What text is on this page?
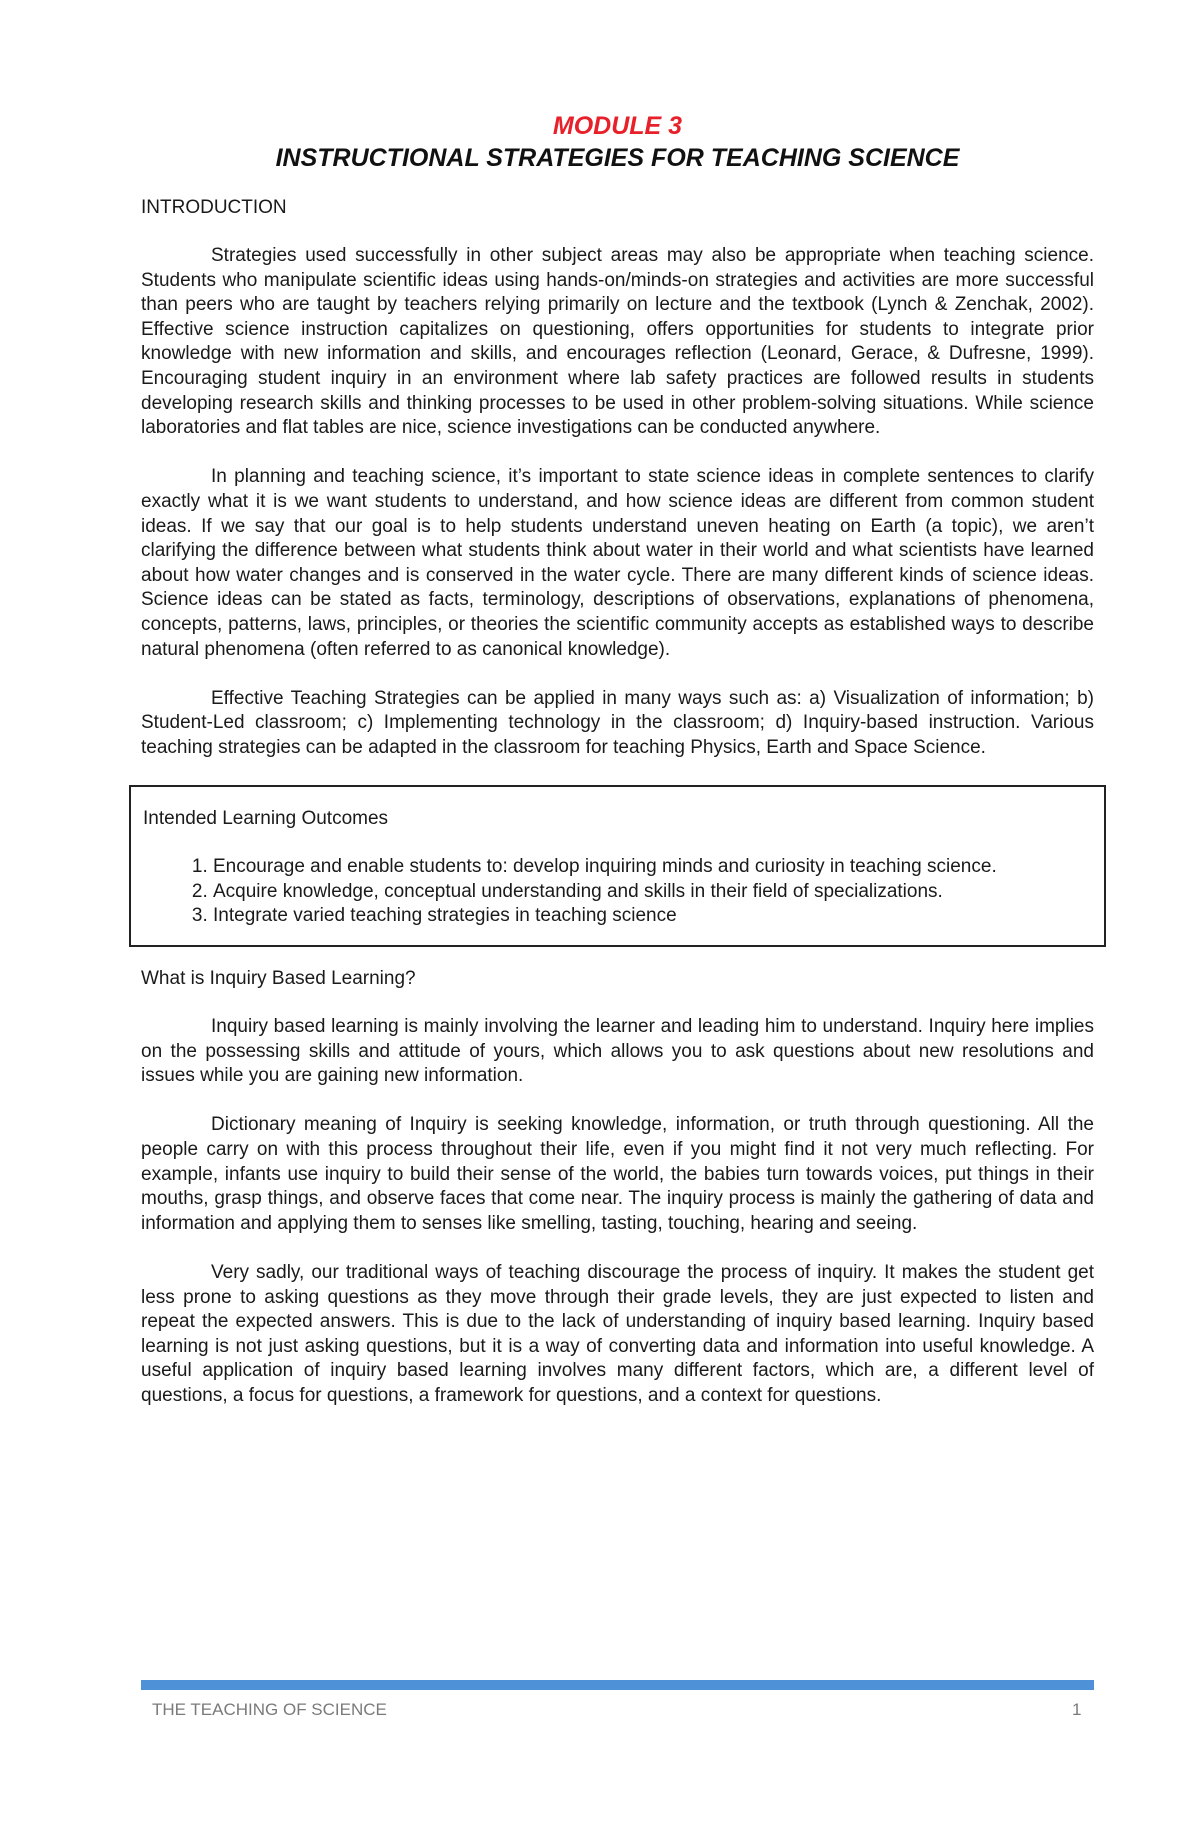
MODULE 3
INSTRUCTIONAL STRATEGIES FOR TEACHING SCIENCE
INTRODUCTION

Strategies used successfully in other subject areas may also be appropriate when teaching science. Students who manipulate scientific ideas using hands-on/minds-on strategies and activities are more successful than peers who are taught by teachers relying primarily on lecture and the textbook (Lynch & Zenchak, 2002). Effective science instruction capitalizes on questioning, offers opportunities for students to integrate prior knowledge with new information and skills, and encourages reflection (Leonard, Gerace, & Dufresne, 1999). Encouraging student inquiry in an environment where lab safety practices are followed results in students developing research skills and thinking processes to be used in other problem-solving situations. While science laboratories and flat tables are nice, science investigations can be conducted anywhere.

In planning and teaching science, it’s important to state science ideas in complete sentences to clarify exactly what it is we want students to understand, and how science ideas are different from common student ideas. If we say that our goal is to help students understand uneven heating on Earth (a topic), we aren’t clarifying the difference between what students think about water in their world and what scientists have learned about how water changes and is conserved in the water cycle. There are many different kinds of science ideas. Science ideas can be stated as facts, terminology, descriptions of observations, explanations of phenomena, concepts, patterns, laws, principles, or theories the scientific community accepts as established ways to describe natural phenomena (often referred to as canonical knowledge).

Effective Teaching Strategies can be applied in many ways such as: a) Visualization of information; b) Student-Led classroom; c) Implementing technology in the classroom; d) Inquiry-based instruction. Various teaching strategies can be adapted in the classroom for teaching Physics, Earth and Space Science.

Intended Learning Outcomes
1. Encourage and enable students to: develop inquiring minds and curiosity in teaching science.
2. Acquire knowledge, conceptual understanding and skills in their field of specializations.
3. Integrate varied teaching strategies in teaching science
What is Inquiry Based Learning?

Inquiry based learning is mainly involving the learner and leading him to understand. Inquiry here implies on the possessing skills and attitude of yours, which allows you to ask questions about new resolutions and issues while you are gaining new information.

Dictionary meaning of Inquiry is seeking knowledge, information, or truth through questioning. All the people carry on with this process throughout their life, even if you might find it not very much reflecting. For example, infants use inquiry to build their sense of the world, the babies turn towards voices, put things in their mouths, grasp things, and observe faces that come near. The inquiry process is mainly the gathering of data and information and applying them to senses like smelling, tasting, touching, hearing and seeing.

Very sadly, our traditional ways of teaching discourage the process of inquiry. It makes the student get less prone to asking questions as they move through their grade levels, they are just expected to listen and repeat the expected answers. This is due to the lack of understanding of inquiry based learning. Inquiry based learning is not just asking questions, but it is a way of converting data and information into useful knowledge. A useful application of inquiry based learning involves many different factors, which are, a different level of questions, a focus for questions, a framework for questions, and a context for questions.

THE TEACHING OF SCIENCE	1
